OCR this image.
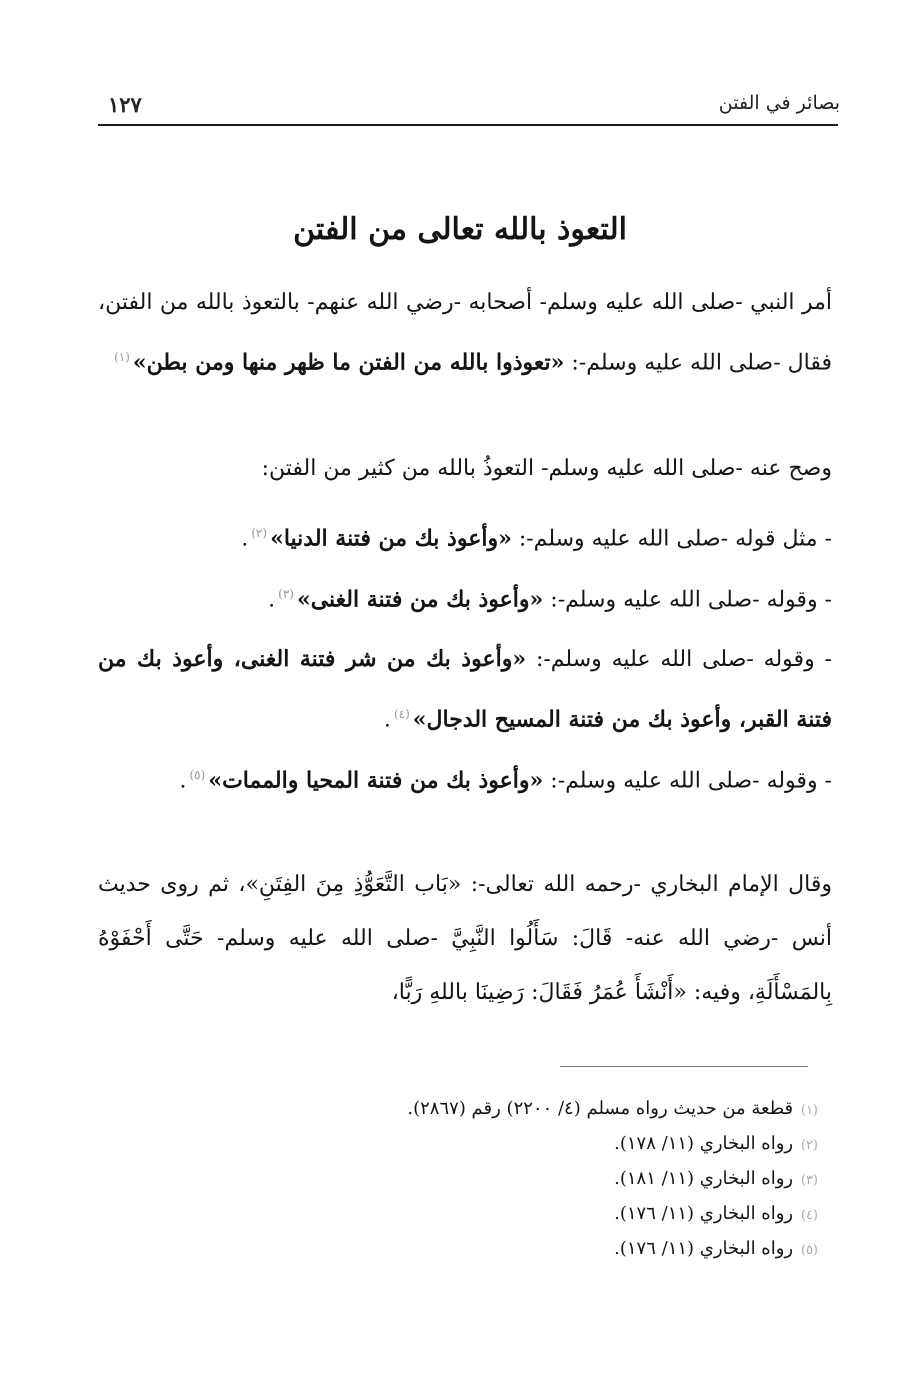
بصائر في الفتن
١٢٧
التعوذ بالله تعالى من الفتن

أمر النبي -صلى الله عليه وسلم- أصحابه -رضي الله عنهم- بالتعوذ بالله من الفتن، فقال -صلى الله عليه وسلم-: «تعوذوا بالله من الفتن ما ظهر منها ومن بطن»$^{(١)}$

وصح عنه -صلى الله عليه وسلم- التعوذُ بالله من كثير من الفتن:

- مثل قوله -صلى الله عليه وسلم-: «وأعوذ بك من فتنة الدنيا»$^{(٢)}$.

- وقوله -صلى الله عليه وسلم-: «وأعوذ بك من فتنة الغنى»$^{(٣)}$.

- وقوله -صلى الله عليه وسلم-: «وأعوذ بك من شر فتنة الغنى، وأعوذ بك من فتنة القبر، وأعوذ بك من فتنة المسيح الدجال»$^{(٤)}$.

- وقوله -صلى الله عليه وسلم-: «وأعوذ بك من فتنة المحيا والممات»$^{(٥)}$.

وقال الإمام البخاري -رحمه الله تعالى-: «بَاب التَّعَوُّذِ مِنَ الفِتَنِ»، ثم روى حديث أنس -رضي الله عنه- قَالَ: سَأَلُوا النَّبِيَّ -صلى الله عليه وسلم- حَتَّى أَحْفَوْهُ بِالمَسْأَلَةِ، وفيه: «أَنْشَأَ عُمَرُ فَقَالَ: رَضِينَا باللهِ رَبًّا،

(١) قطعة من حديث رواه مسلم (٤/ ٢٢٠٠) رقم (٢٨٦٧).
(٢) رواه البخاري (١١/ ١٧٨).
(٣) رواه البخاري (١١/ ١٨١).
(٤) رواه البخاري (١١/ ١٧٦).
(٥) رواه البخاري (١١/ ١٧٦).
